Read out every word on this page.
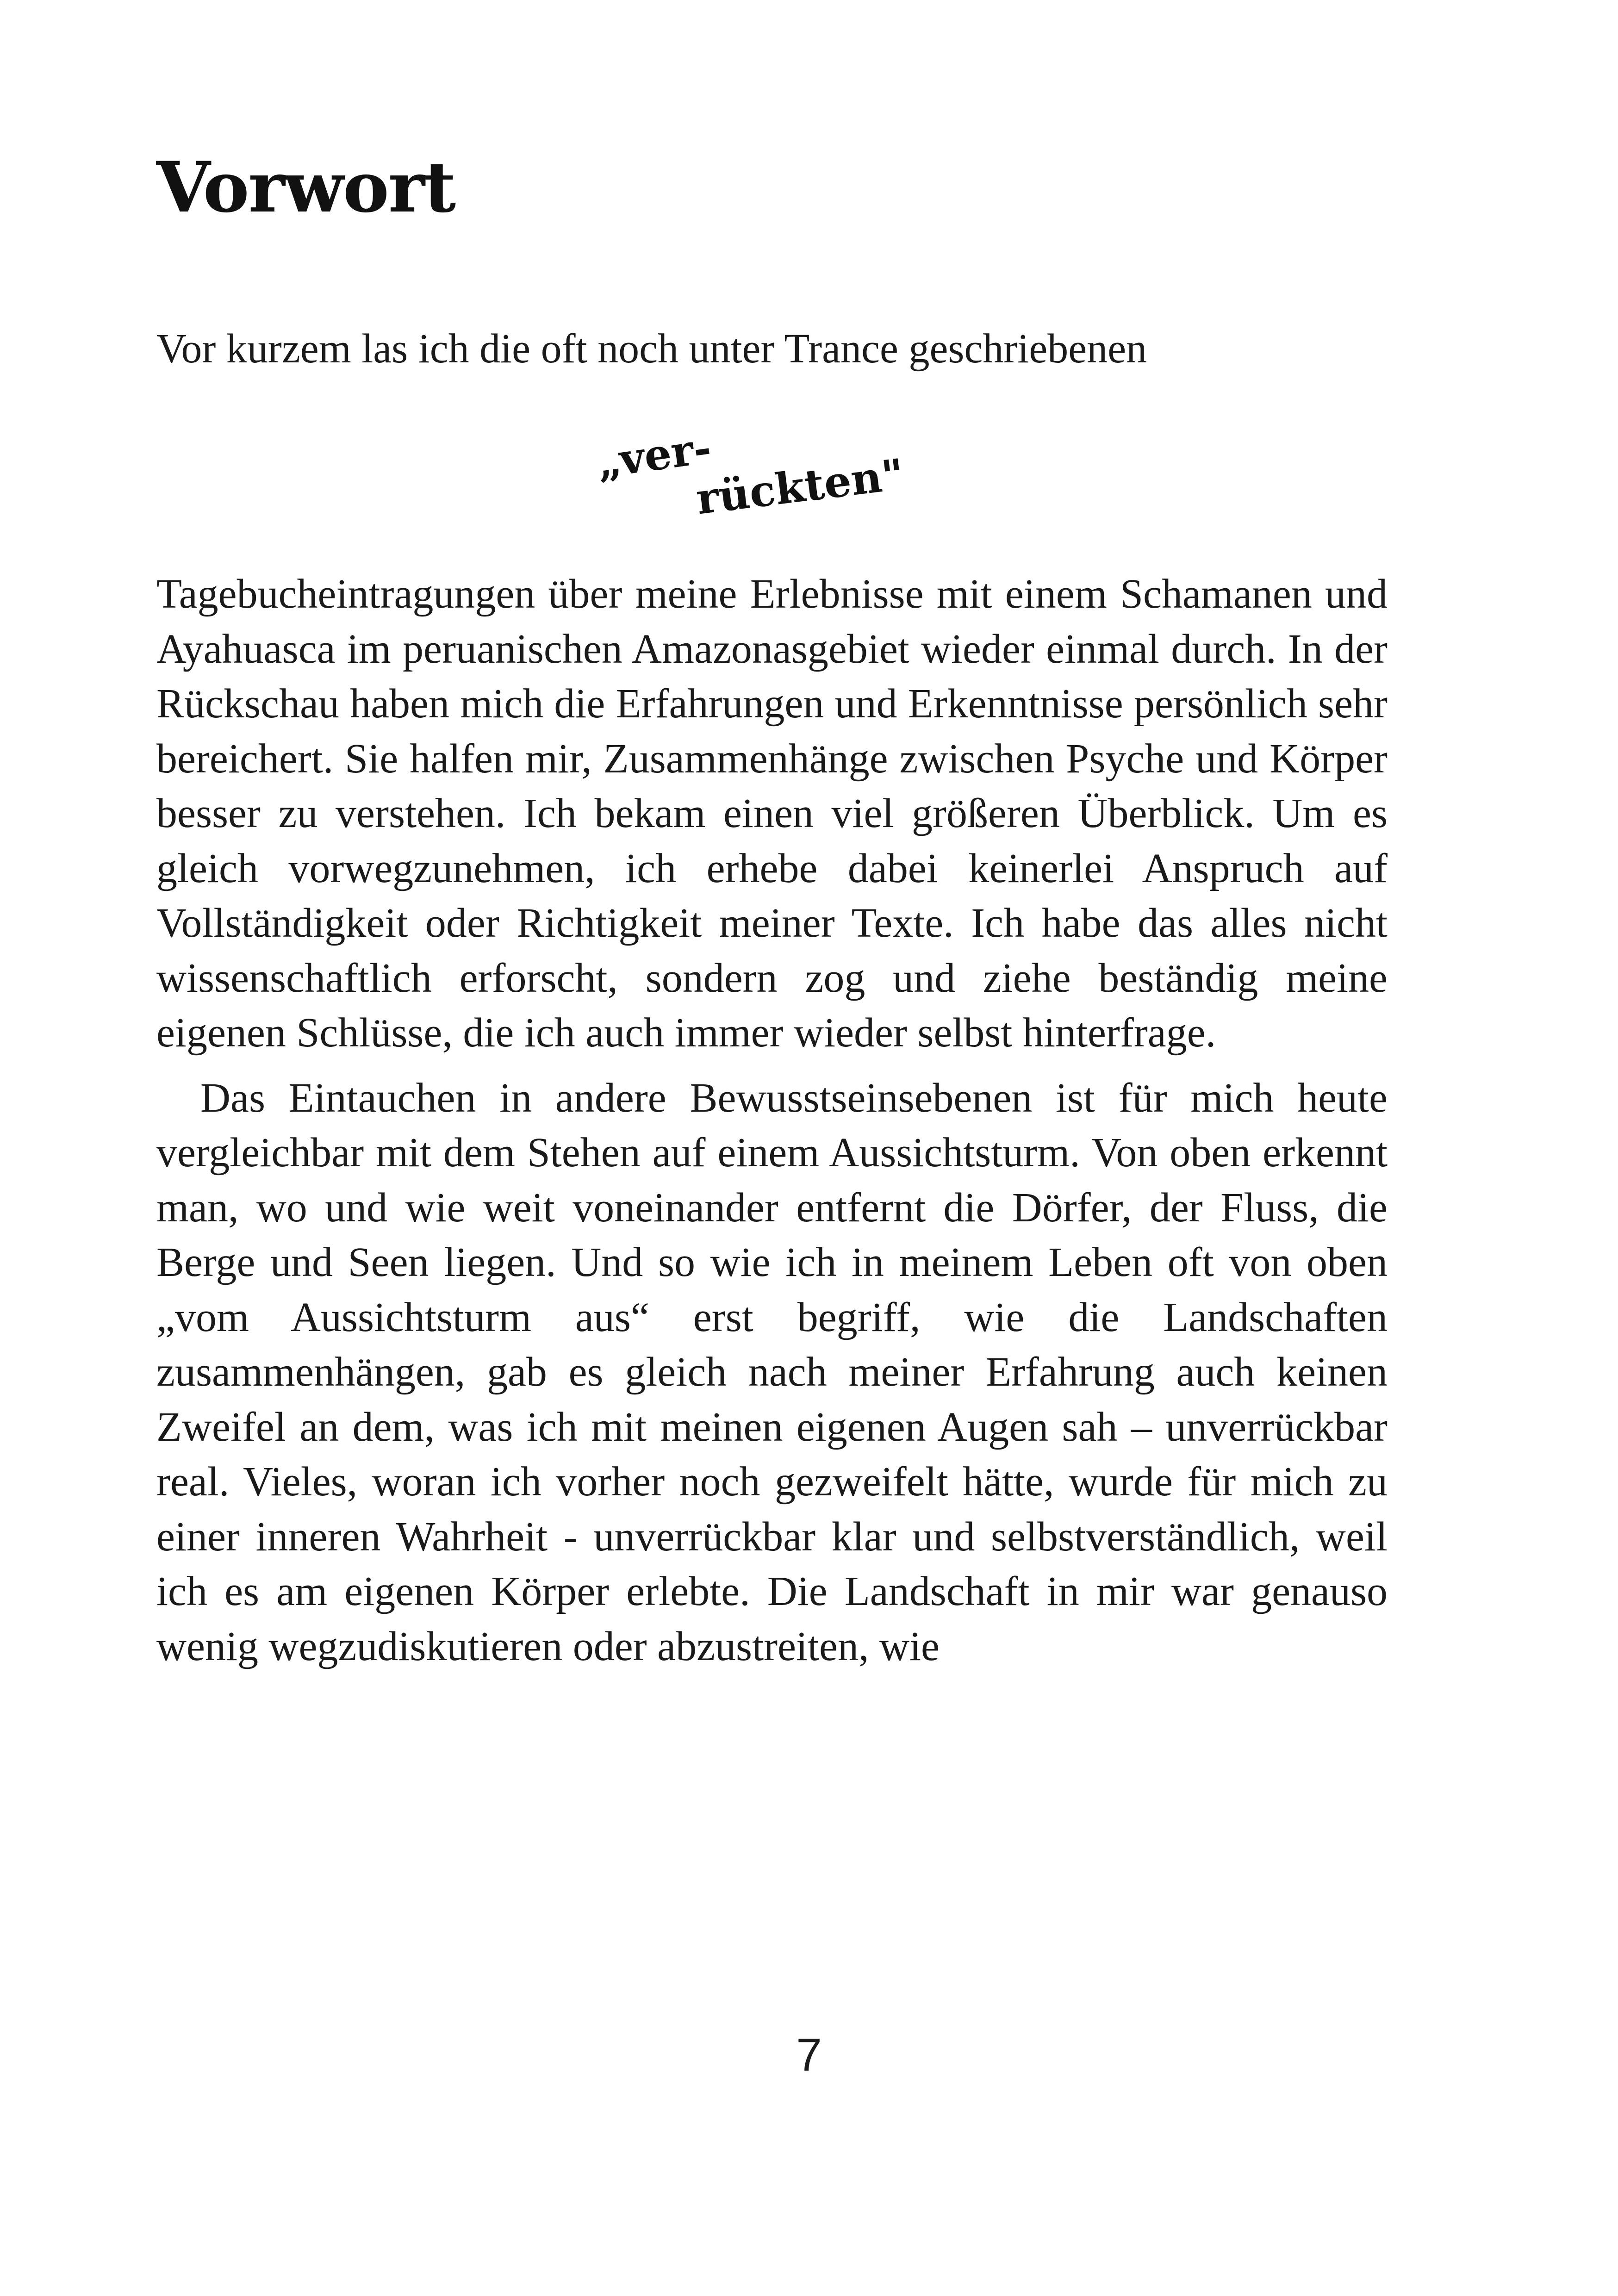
Vorwort

Vor kurzem las ich die oft noch unter Trance geschriebenen

„ver-
rückten"

Tagebucheintragungen über meine Erlebnisse mit einem Schamanen und Ayahuasca im peruanischen Amazonasgebiet wieder einmal durch. In der Rückschau haben mich die Erfahrungen und Erkenntnisse persönlich sehr bereichert. Sie halfen mir, Zusammenhänge zwischen Psyche und Körper besser zu verstehen. Ich bekam einen viel größeren Überblick. Um es gleich vorwegzunehmen, ich erhebe dabei keinerlei Anspruch auf Vollständigkeit oder Richtigkeit meiner Texte. Ich habe das alles nicht wissenschaftlich erforscht, sondern zog und ziehe beständig meine eigenen Schlüsse, die ich auch immer wieder selbst hinterfrage.

Das Eintauchen in andere Bewusstseinsebenen ist für mich heute vergleichbar mit dem Stehen auf einem Aussichtsturm. Von oben erkennt man, wo und wie weit voneinander entfernt die Dörfer, der Fluss, die Berge und Seen liegen. Und so wie ich in meinem Leben oft von oben „vom Aussichtsturm aus“ erst begriff, wie die Landschaften zusammenhängen, gab es gleich nach meiner Erfahrung auch keinen Zweifel an dem, was ich mit meinen eigenen Augen sah – unverrückbar real. Vieles, woran ich vorher noch gezweifelt hätte, wurde für mich zu einer inneren Wahrheit - unverrückbar klar und selbstverständlich, weil ich es am eigenen Körper erlebte. Die Landschaft in mir war genauso wenig wegzudiskutieren oder abzustreiten, wie

7
